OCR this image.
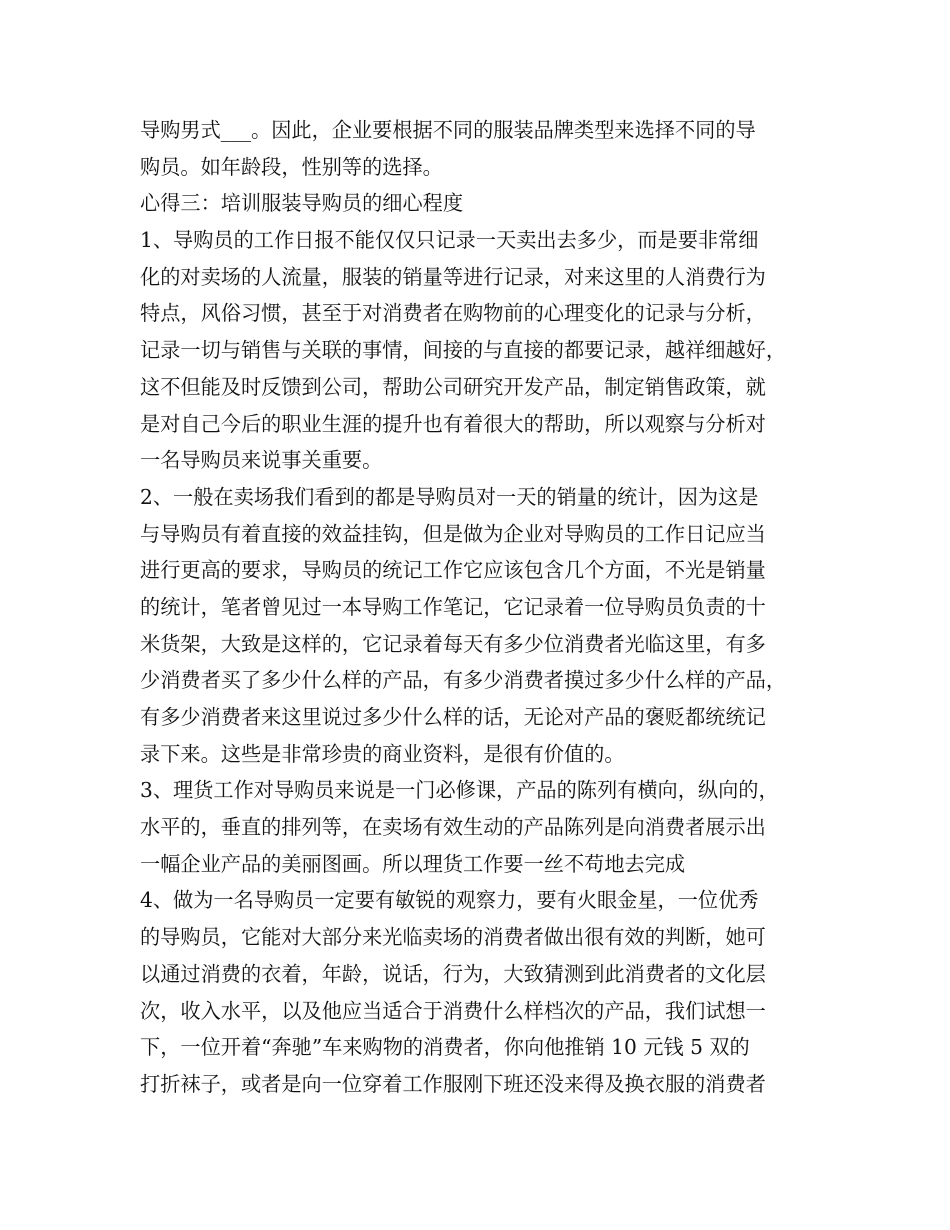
导购男式___。因此，企业要根据不同的服装品牌类型来选择不同的导
购员。如年龄段，性别等的选择。
心得三：培训服装导购员的细心程度
1、导购员的工作日报不能仅仅只记录一天卖出去多少，而是要非常细
化的对卖场的人流量，服装的销量等进行记录，对来这里的人消费行为
特点，风俗习惯，甚至于对消费者在购物前的心理变化的记录与分析，
记录一切与销售与关联的事情，间接的与直接的都要记录，越祥细越好，
这不但能及时反馈到公司，帮助公司研究开发产品，制定销售政策，就
是对自己今后的职业生涯的提升也有着很大的帮助，所以观察与分析对
一名导购员来说事关重要。
2、一般在卖场我们看到的都是导购员对一天的销量的统计，因为这是
与导购员有着直接的效益挂钩，但是做为企业对导购员的工作日记应当
进行更高的要求，导购员的统记工作它应该包含几个方面，不光是销量
的统计，笔者曾见过一本导购工作笔记，它记录着一位导购员负责的十
米货架，大致是这样的，它记录着每天有多少位消费者光临这里，有多
少消费者买了多少什么样的产品，有多少消费者摸过多少什么样的产品，
有多少消费者来这里说过多少什么样的话，无论对产品的褒贬都统统记
录下来。这些是非常珍贵的商业资料，是很有价值的。
3、理货工作对导购员来说是一门必修课，产品的陈列有横向，纵向的，
水平的，垂直的排列等，在卖场有效生动的产品陈列是向消费者展示出
一幅企业产品的美丽图画。所以理货工作要一丝不苟地去完成
4、做为一名导购员一定要有敏锐的观察力，要有火眼金星，一位优秀
的导购员，它能对大部分来光临卖场的消费者做出很有效的判断，她可
以通过消费的衣着，年龄，说话，行为，大致猜测到此消费者的文化层
次，收入水平，以及他应当适合于消费什么样档次的产品，我们试想一
下，一位开着“奔驰”车来购物的消费者，你向他推销 10 元钱 5 双的
打折袜子，或者是向一位穿着工作服刚下班还没来得及换衣服的消费者
